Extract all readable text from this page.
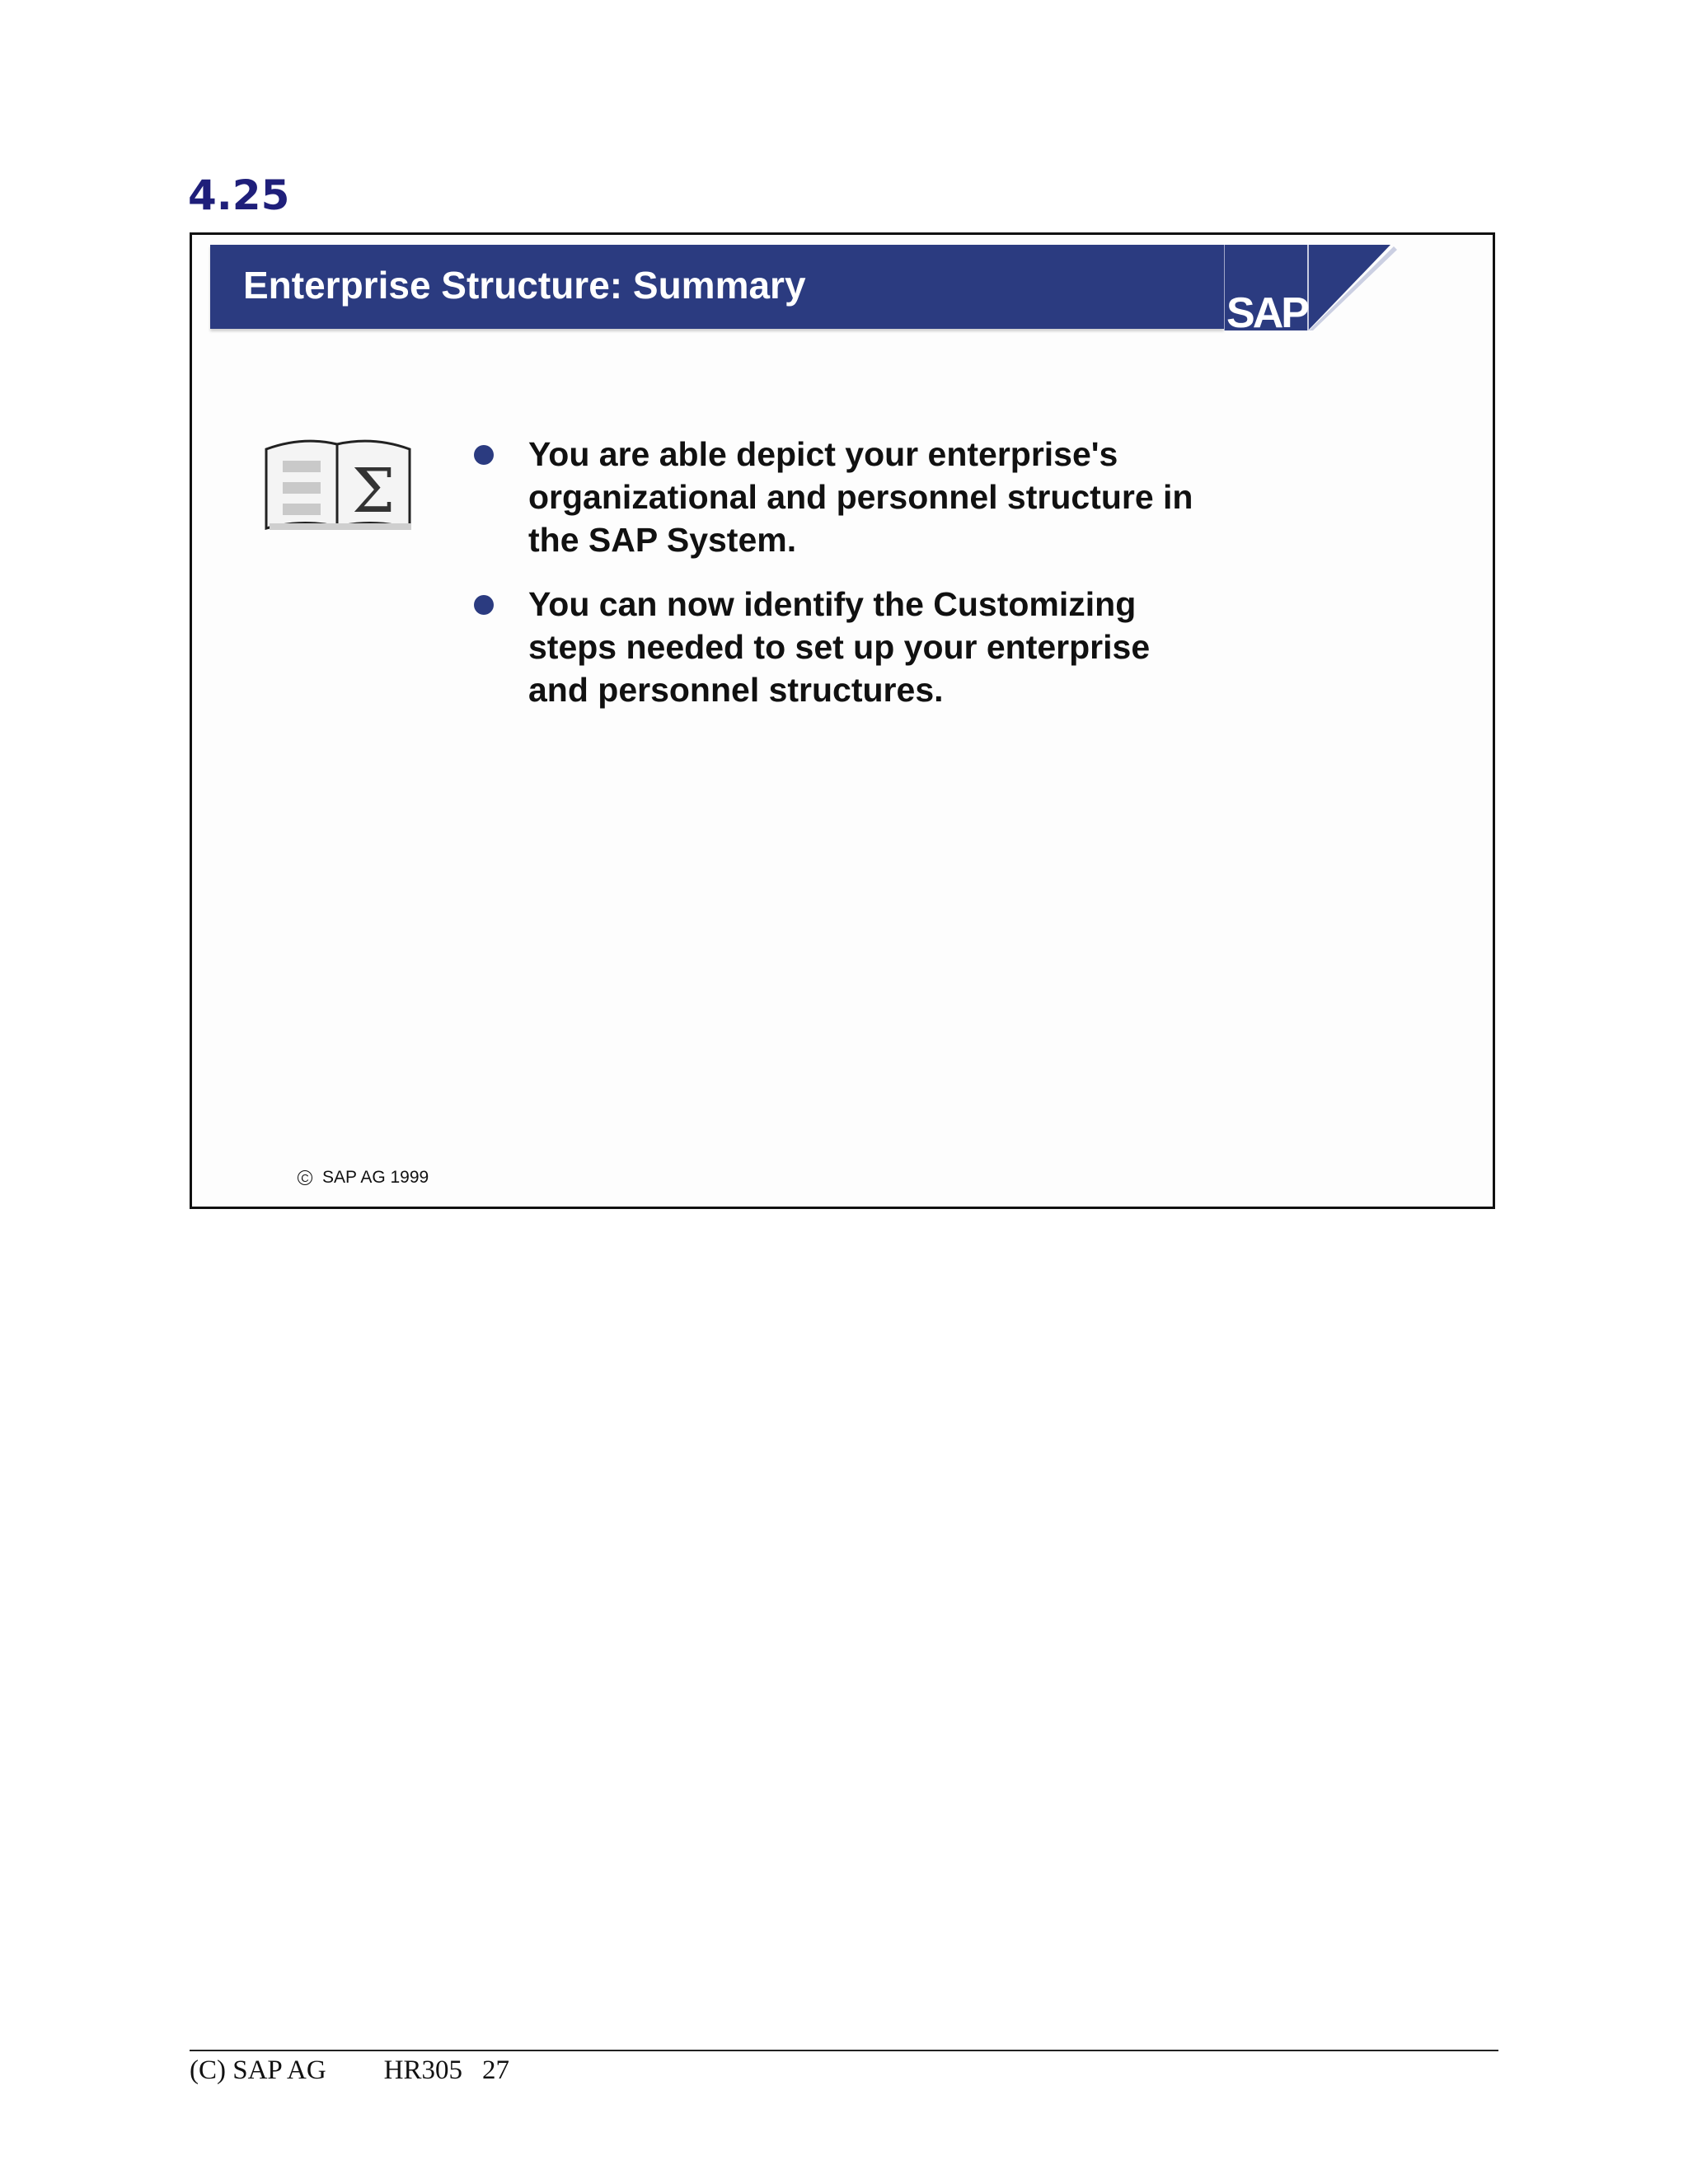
4.25
Enterprise Structure: Summary
SAP
Σ
You are able depict your enterprise's organizational and personnel structure in the SAP System.
You can now identify the Customizing steps needed to set up your enterprise and personnel structures.
C SAP AG 1999
(C) SAP AG HR305 27
